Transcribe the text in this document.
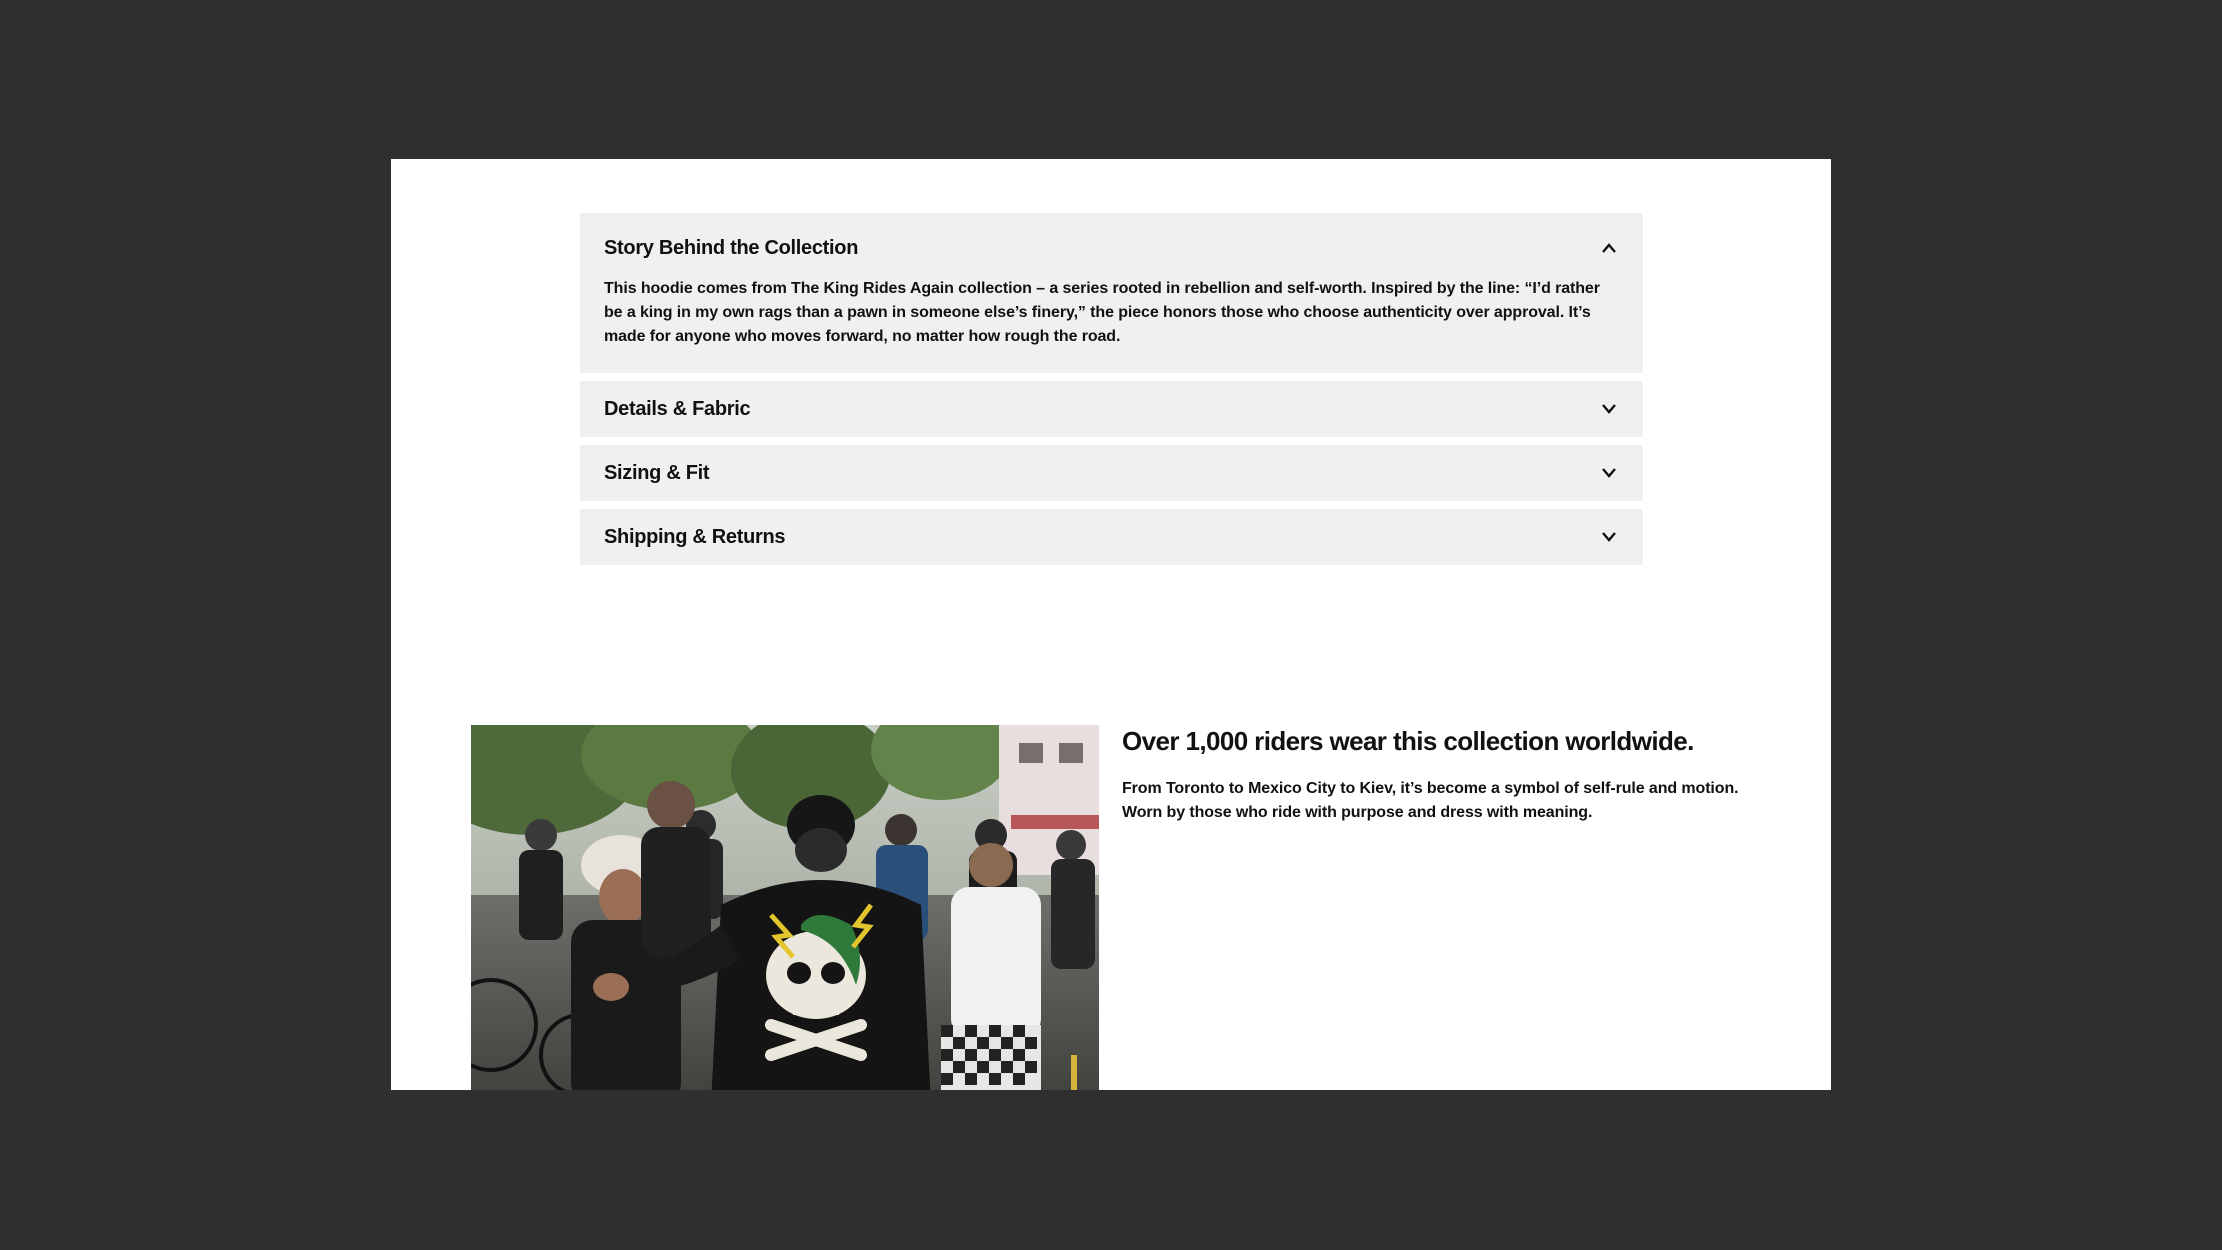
Story Behind the Collection
This hoodie comes from The King Rides Again collection – a series rooted in rebellion and self-worth. Inspired by the line: “I’d rather be a king in my own rags than a pawn in someone else’s finery,” the piece honors those who choose authenticity over approval. It’s made for anyone who moves forward, no matter how rough the road.
Details & Fabric
Sizing & Fit
Shipping & Returns
Over 1,000 riders wear this collection worldwide.

From Toronto to Mexico City to Kiev, it’s become a symbol of self-rule and motion.

Worn by those who ride with purpose and dress with meaning.
